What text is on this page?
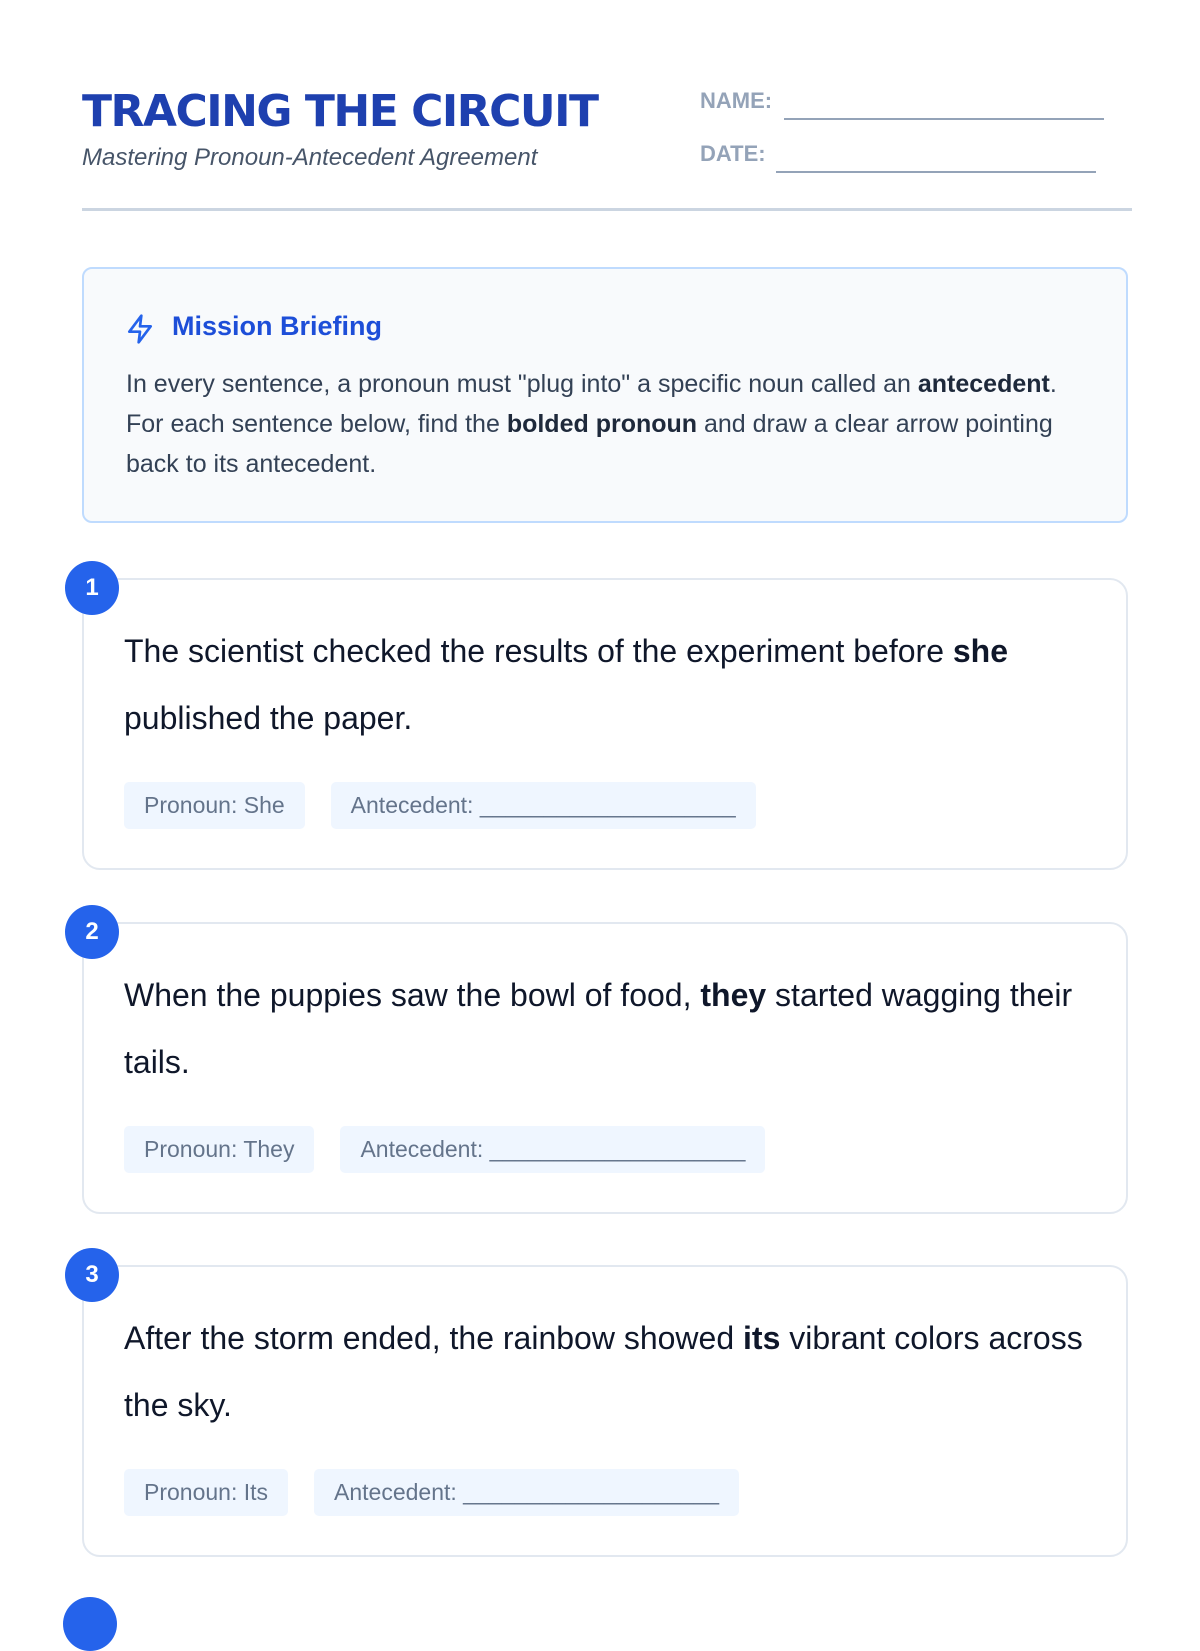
TRACING THE CIRCUIT
Mastering Pronoun-Antecedent Agreement
NAME:
DATE:
Mission Briefing
In every sentence, a pronoun must "plug into" a specific noun called an antecedent. For each sentence below, find the bolded pronoun and draw a clear arrow pointing back to its antecedent.
1
The scientist checked the results of the experiment before she published the paper.
Pronoun: She	Antecedent: ____________________
2
When the puppies saw the bowl of food, they started wagging their tails.
Pronoun: They	Antecedent: ____________________
3
After the storm ended, the rainbow showed its vibrant colors across the sky.
Pronoun: Its	Antecedent: ____________________
